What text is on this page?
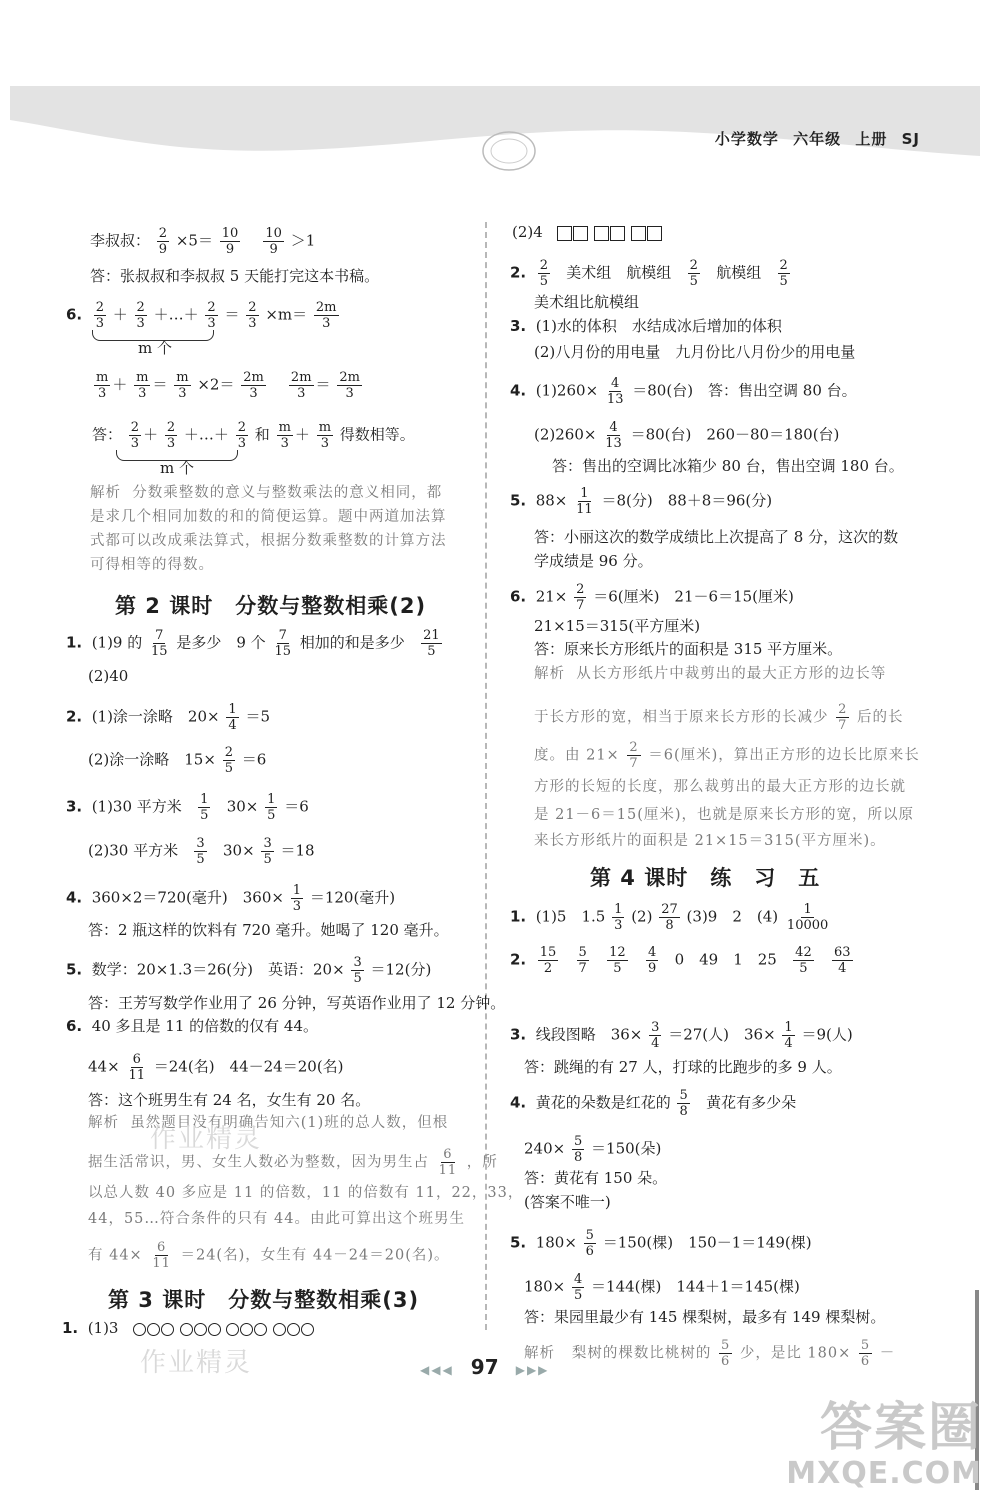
小学数学 六年级 上册 SJ
李叔叔： $\frac{2}{9} \times 5= \frac{10}{9}$
$\frac{10}{9} >1$
答：张叔叔和李叔叔 5 天能打完这本书稿。
6. $\frac{2}{3} + \frac{2}{3}$ ＋…＋ $\frac{2}{3} = \frac{2}{3} \times m= \frac{2m}{3}$
m 个
$\frac{m}{3} + \frac{m}{3} = \frac{m}{3} \times 2= \frac{2m}{3}$
$\frac{2m}{3} = \frac{2m}{3}$
答： $\frac{2}{3} + \frac{2}{3}$ ＋…＋ $\frac{2}{3}$ 和 $\frac{m}{3} + \frac{m}{3}$ 得数相等。
m 个
解析 分数乘整数的意义与整数乘法的意义相同，都
是求几个相同加数的和的简便运算。题中两道加法算
式都可以改成乘法算式，根据分数乘整数的计算方法
可得相等的得数。
第 2 课时　分数与整数相乘(2)
1. (1)9 的 $\frac{7}{15}$ 是多少　9 个 $\frac{7}{15}$ 相加的和是多少 $\frac{21}{5}$
(2)40
2. (1)涂一涂略　$20\times \frac{1}{4} =5$
(2)涂一涂略　$15\times \frac{2}{5} =6$
3. (1)30 平方米 $\frac{1}{5} 30\times \frac{1}{5} =6$
(2)30 平方米 $\frac{3}{5} 30\times \frac{3}{5} =18$
4. 360×2＝720(毫升)　$360\times \frac{1}{3} =120$(毫升)
答：2 瓶这样的饮料有 720 毫升。她喝了 120 毫升。
5. 数学：20×1.3＝26(分)　英语：$20\times \frac{3}{5} =12$(分)
答：王芳写数学作业用了 26 分钟，写英语作业用了 12 分钟。
6. 40 多且是 11 的倍数的仅有 44。
$44\times \frac{6}{11} =24$(名)　44－24＝20(名)
答：这个班男生有 24 名，女生有 20 名。
解析 虽然题目没有明确告知六(1)班的总人数，但根
据生活常识，男、女生人数必为整数，因为男生占 $\frac{6}{11}$ ，所
以总人数 40 多应是 11 的倍数，11 的倍数有 11，22，33，
44，55…符合条件的只有 44。由此可算出这个班男生
有 $44\times \frac{6}{11} =24$(名)，女生有 44－24＝20(名)。
第 3 课时　分数与整数相乘(3)
1. (1)3
(2)4
2. $\frac{2}{5}$ 美术组　航模组 $\frac{2}{5}$ 航模组 $\frac{2}{5}$
美术组比航模组
3. (1)水的体积　水结成冰后增加的体积
(2)八月份的用电量　九月份比八月份少的用电量
4. $(1)260\times \frac{4}{13} =80$(台)　答：售出空调 80 台。
$(2)260\times \frac{4}{13} =80$(台)　260－80＝180(台)
答：售出的空调比冰箱少 80 台，售出空调 180 台。
5. $88\times \frac{1}{11} =8$(分)　88＋8＝96(分)
答：小丽这次的数学成绩比上次提高了 8 分，这次的数
学成绩是 96 分。
6. $21\times \frac{2}{7} =6$(厘米)　21－6＝15(厘米)
21×15＝315(平方厘米)
答：原来长方形纸片的面积是 315 平方厘米。
解析 从长方形纸片中裁剪出的最大正方形的边长等
于长方形的宽，相当于原来长方形的长减少 $\frac{2}{7}$ 后的长
度。由 $21\times \frac{2}{7} =6$(厘米)，算出正方形的边长比原来长
方形的长短的长度，那么裁剪出的最大正方形的边长就
是 21－6＝15(厘米)，也就是原来长方形的宽，所以原
来长方形纸片的面积是 21×15＝315(平方厘米)。
第 4 课时　练　习　五
1. (1)5　$1.5 \frac{1}{3} (2) \frac{27}{8} (3)9$　2　$(4) \frac{1}{10000}$
2. $\frac{15}{2}$
$\frac{5}{7}$
$\frac{12}{5}$
$\frac{4}{9} 0$　49　1　$25 \frac{42}{5}$
$\frac{63}{4}$
3. 线段图略　$36\times \frac{3}{4} =27$(人)　$36\times \frac{1}{4} =9$(人)
答：跳绳的有 27 人，打球的比跑步的多 9 人。
4. 黄花的朵数是红花的 $\frac{5}{8}$ 黄花有多少朵
$240\times \frac{5}{8} =150$(朵)
答：黄花有 150 朵。
(答案不唯一)
5. $180\times \frac{5}{6} =150$(棵)　150－1＝149(棵)
$180\times \frac{4}{5} =144$(棵)　144＋1＝145(棵)
答：果园里最少有 145 棵梨树，最多有 149 棵梨树。
解析 梨树的棵数比桃树的 $\frac{5}{6}$ 少，是比 $180\times \frac{5}{6}$ －
◀◀◀ 97 ▶▶▶
作业精灵
作业精灵
答案圈
MXQE.COM
